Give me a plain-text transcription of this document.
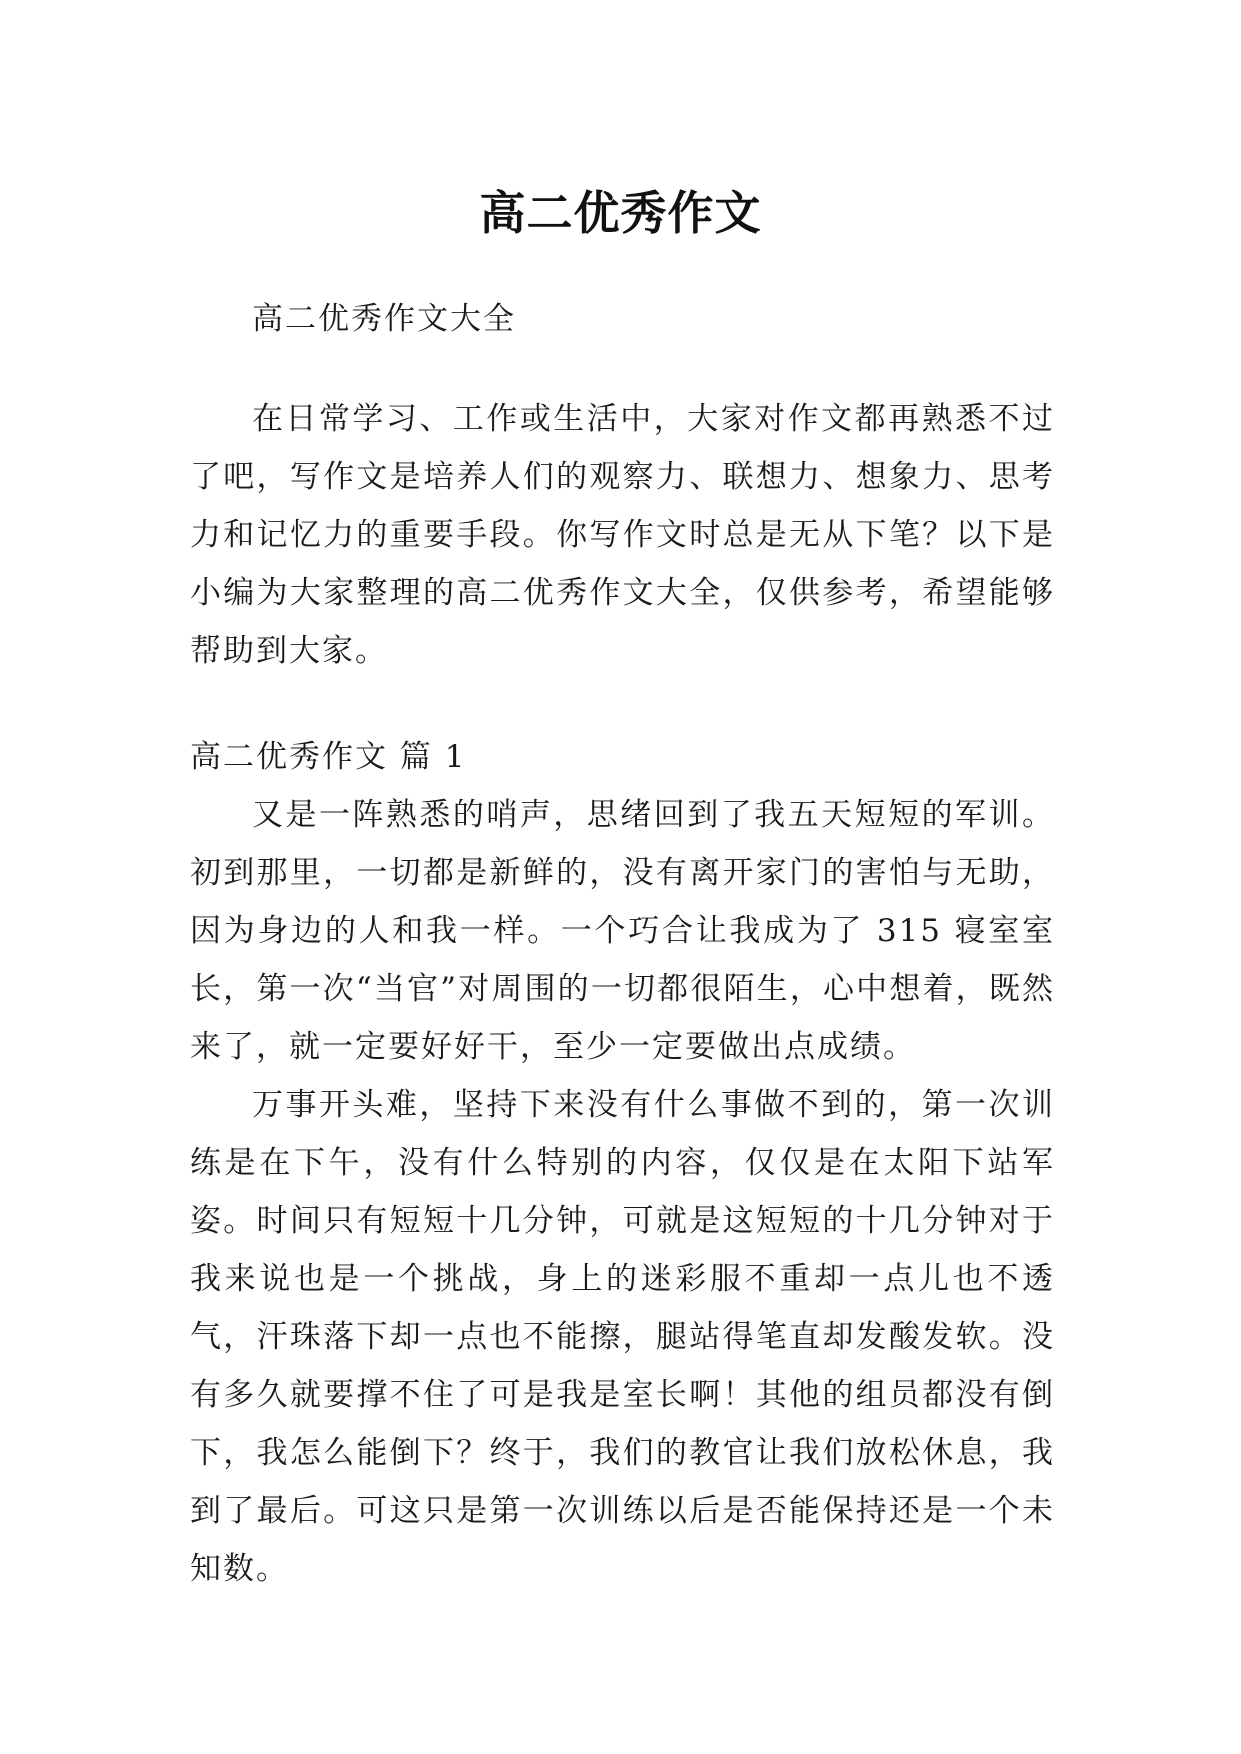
高二优秀作文

高二优秀作文大全

在日常学习、工作或生活中，大家对作文都再熟悉不过了吧，写作文是培养人们的观察力、联想力、想象力、思考力和记忆力的重要手段。你写作文时总是无从下笔？以下是小编为大家整理的高二优秀作文大全，仅供参考，希望能够帮助到大家。

高二优秀作文 篇 1

又是一阵熟悉的哨声，思绪回到了我五天短短的军训。初到那里，一切都是新鲜的，没有离开家门的害怕与无助，因为身边的人和我一样。一个巧合让我成为了 315 寝室室长，第一次“当官”对周围的一切都很陌生，心中想着，既然来了，就一定要好好干，至少一定要做出点成绩。

万事开头难，坚持下来没有什么事做不到的，第一次训练是在下午，没有什么特别的内容，仅仅是在太阳下站军姿。时间只有短短十几分钟，可就是这短短的十几分钟对于我来说也是一个挑战，身上的迷彩服不重却一点儿也不透气，汗珠落下却一点也不能擦，腿站得笔直却发酸发软。没有多久就要撑不住了可是我是室长啊！其他的组员都没有倒下，我怎么能倒下？终于，我们的教官让我们放松休息，我到了最后。可这只是第一次训练以后是否能保持还是一个未知数。
